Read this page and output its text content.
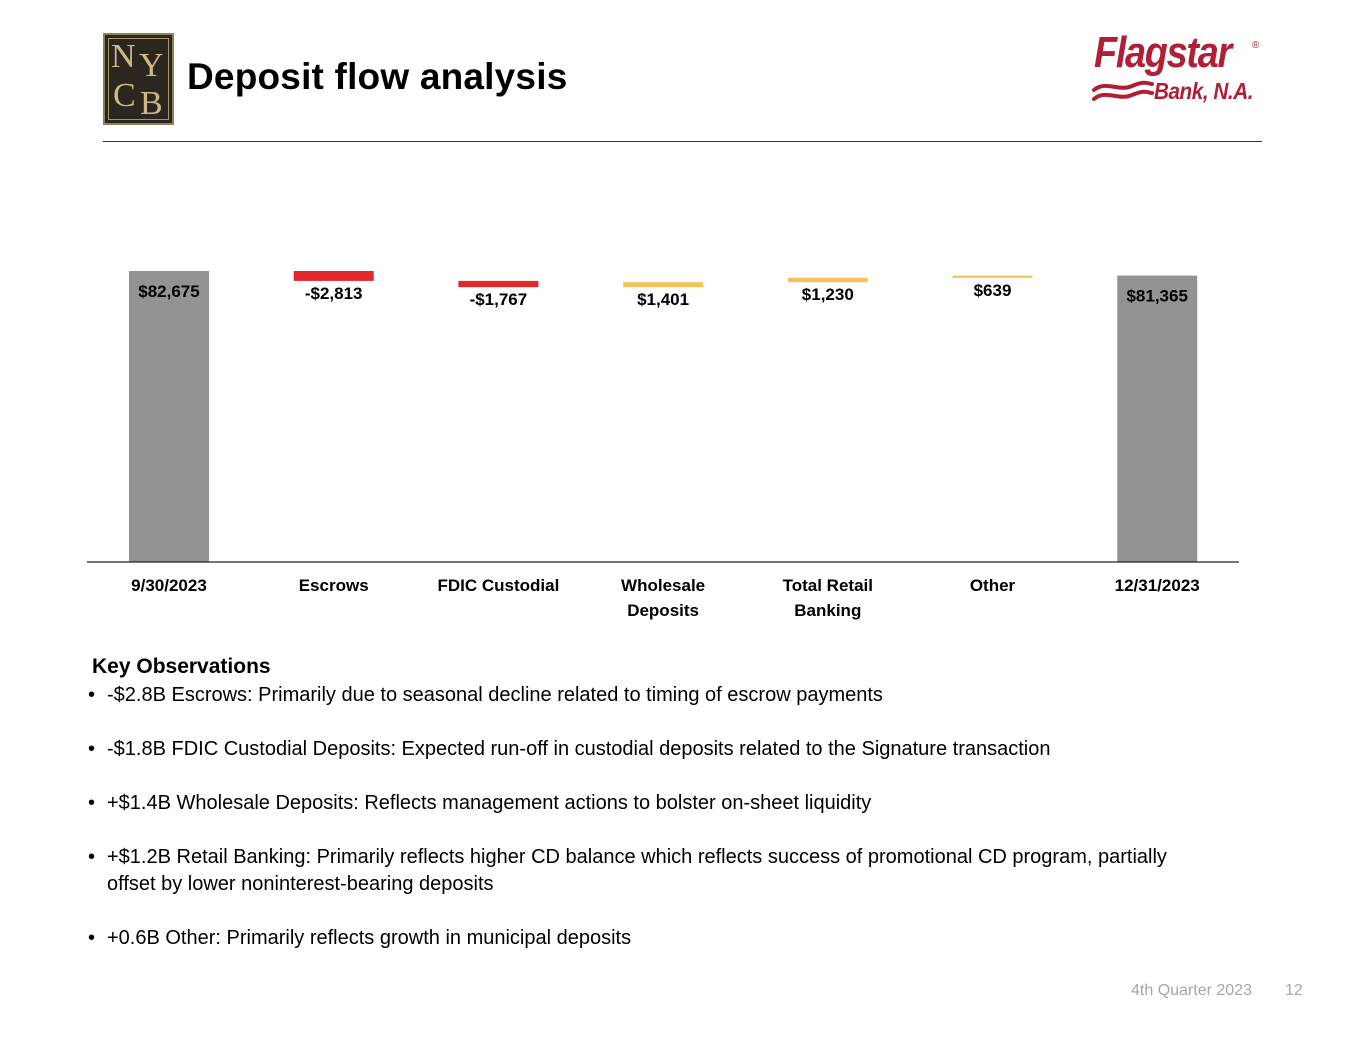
N Y
C B
Deposit flow analysis	Flagstar ®
Bank, N.A.
$82,675
9/30/2023
-$2,813
Escrows
-$1,767
FDIC Custodial
$1,401
Wholesale
Deposits
$1,230
Total Retail
Banking
$639
Other
$81,365
12/31/2023
Key Observations
• -$2.8B Escrows: Primarily due to seasonal decline related to timing of escrow payments
• -$1.8B FDIC Custodial Deposits: Expected run-off in custodial deposits related to the Signature transaction
• +$1.4B Wholesale Deposits: Reflects management actions to bolster on-sheet liquidity
• +$1.2B Retail Banking: Primarily reflects higher CD balance which reflects success of promotional CD program, partially offset by lower noninterest-bearing deposits
• +0.6B Other: Primarily reflects growth in municipal deposits
4th Quarter 2023 12
